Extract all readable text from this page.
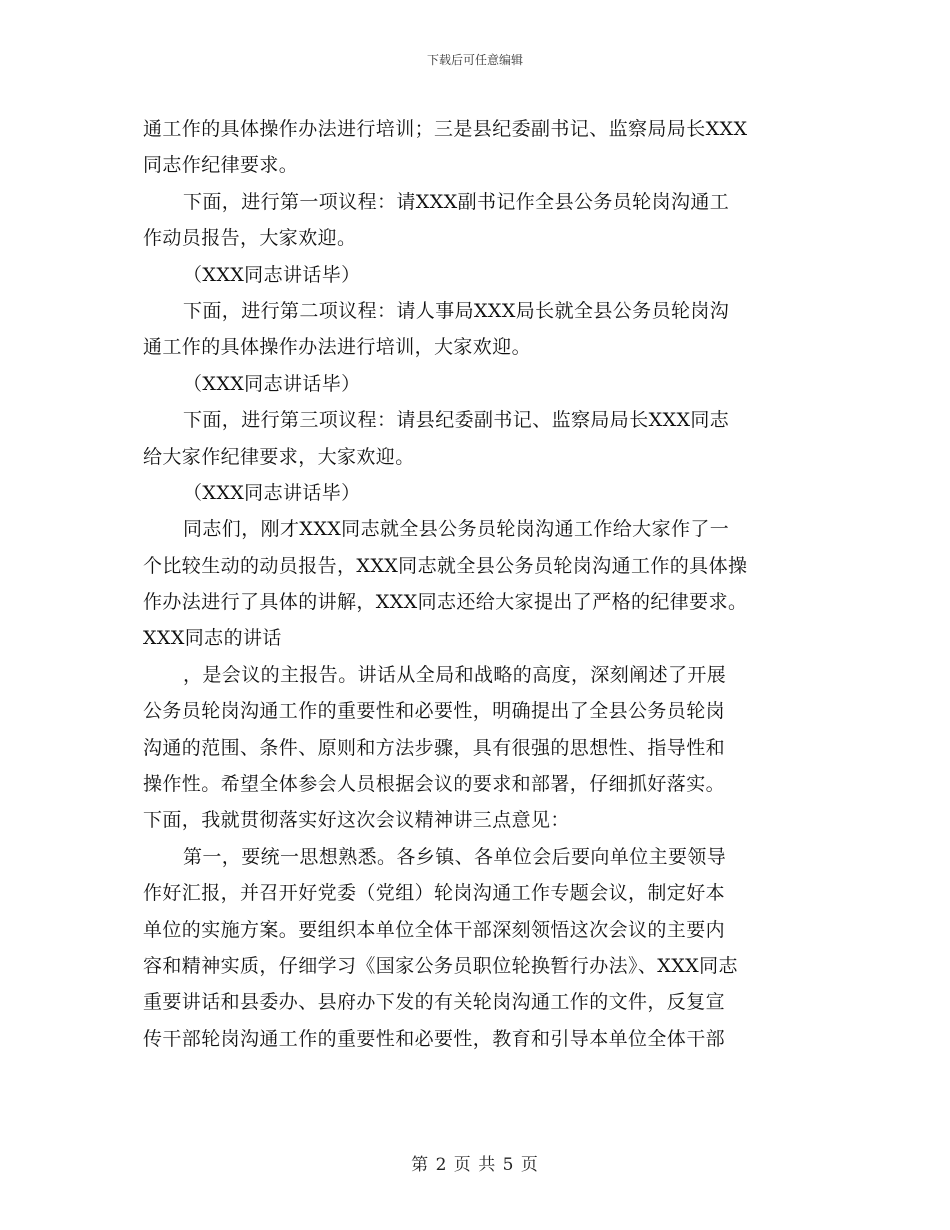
下载后可任意编辑
通工作的具体操作办法进行培训；三是县纪委副书记、监察局局长XXX
同志作纪律要求。
下面，进行第一项议程：请XXX副书记作全县公务员轮岗沟通工
作动员报告，大家欢迎。
（XXX同志讲话毕）
下面，进行第二项议程：请人事局XXX局长就全县公务员轮岗沟
通工作的具体操作办法进行培训，大家欢迎。
（XXX同志讲话毕）
下面，进行第三项议程：请县纪委副书记、监察局局长XXX同志
给大家作纪律要求，大家欢迎。
（XXX同志讲话毕）
同志们，刚才XXX同志就全县公务员轮岗沟通工作给大家作了一
个比较生动的动员报告，XXX同志就全县公务员轮岗沟通工作的具体操
作办法进行了具体的讲解，XXX同志还给大家提出了严格的纪律要求。
XXX同志的讲话
，是会议的主报告。讲话从全局和战略的高度，深刻阐述了开展
公务员轮岗沟通工作的重要性和必要性，明确提出了全县公务员轮岗
沟通的范围、条件、原则和方法步骤，具有很强的思想性、指导性和
操作性。希望全体参会人员根据会议的要求和部署，仔细抓好落实。
下面，我就贯彻落实好这次会议精神讲三点意见：
第一，要统一思想熟悉。各乡镇、各单位会后要向单位主要领导
作好汇报，并召开好党委（党组）轮岗沟通工作专题会议，制定好本
单位的实施方案。要组织本单位全体干部深刻领悟这次会议的主要内
容和精神实质，仔细学习《国家公务员职位轮换暂行办法》、XXX同志
重要讲话和县委办、县府办下发的有关轮岗沟通工作的文件，反复宣
传干部轮岗沟通工作的重要性和必要性，教育和引导本单位全体干部
第 2 页 共 5 页
